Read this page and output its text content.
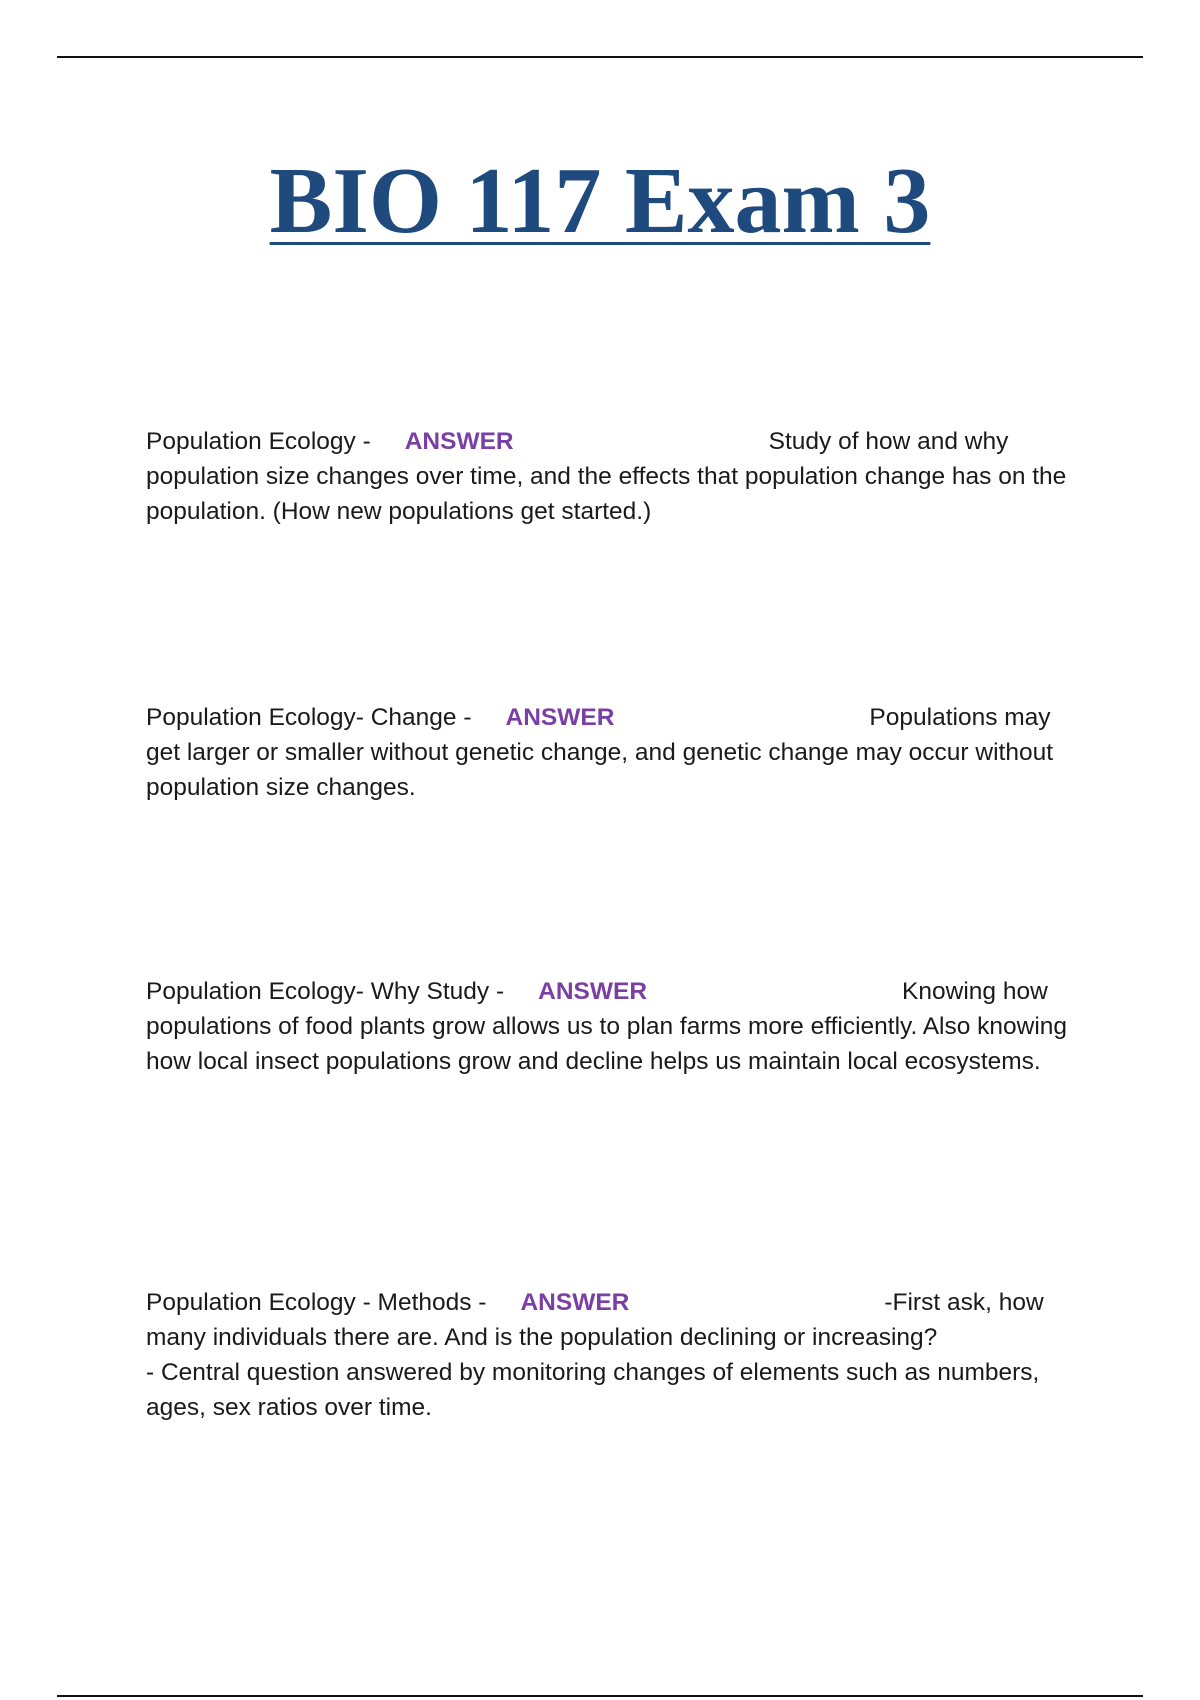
BIO 117 Exam 3

Population Ecology - ANSWER	Study of how and why population size changes over time, and the effects that population change has on the population. (How new populations get started.)

Population Ecology- Change - ANSWER	Populations may get larger or smaller without genetic change, and genetic change may occur without population size changes.

Population Ecology- Why Study - ANSWER	Knowing how populations of food plants grow allows us to plan farms more efficiently. Also knowing how local insect populations grow and decline helps us maintain local ecosystems.

Population Ecology - Methods - ANSWER	-First ask, how many individuals there are. And is the population declining or increasing?
- Central question answered by monitoring changes of elements such as numbers, ages, sex ratios over time.
